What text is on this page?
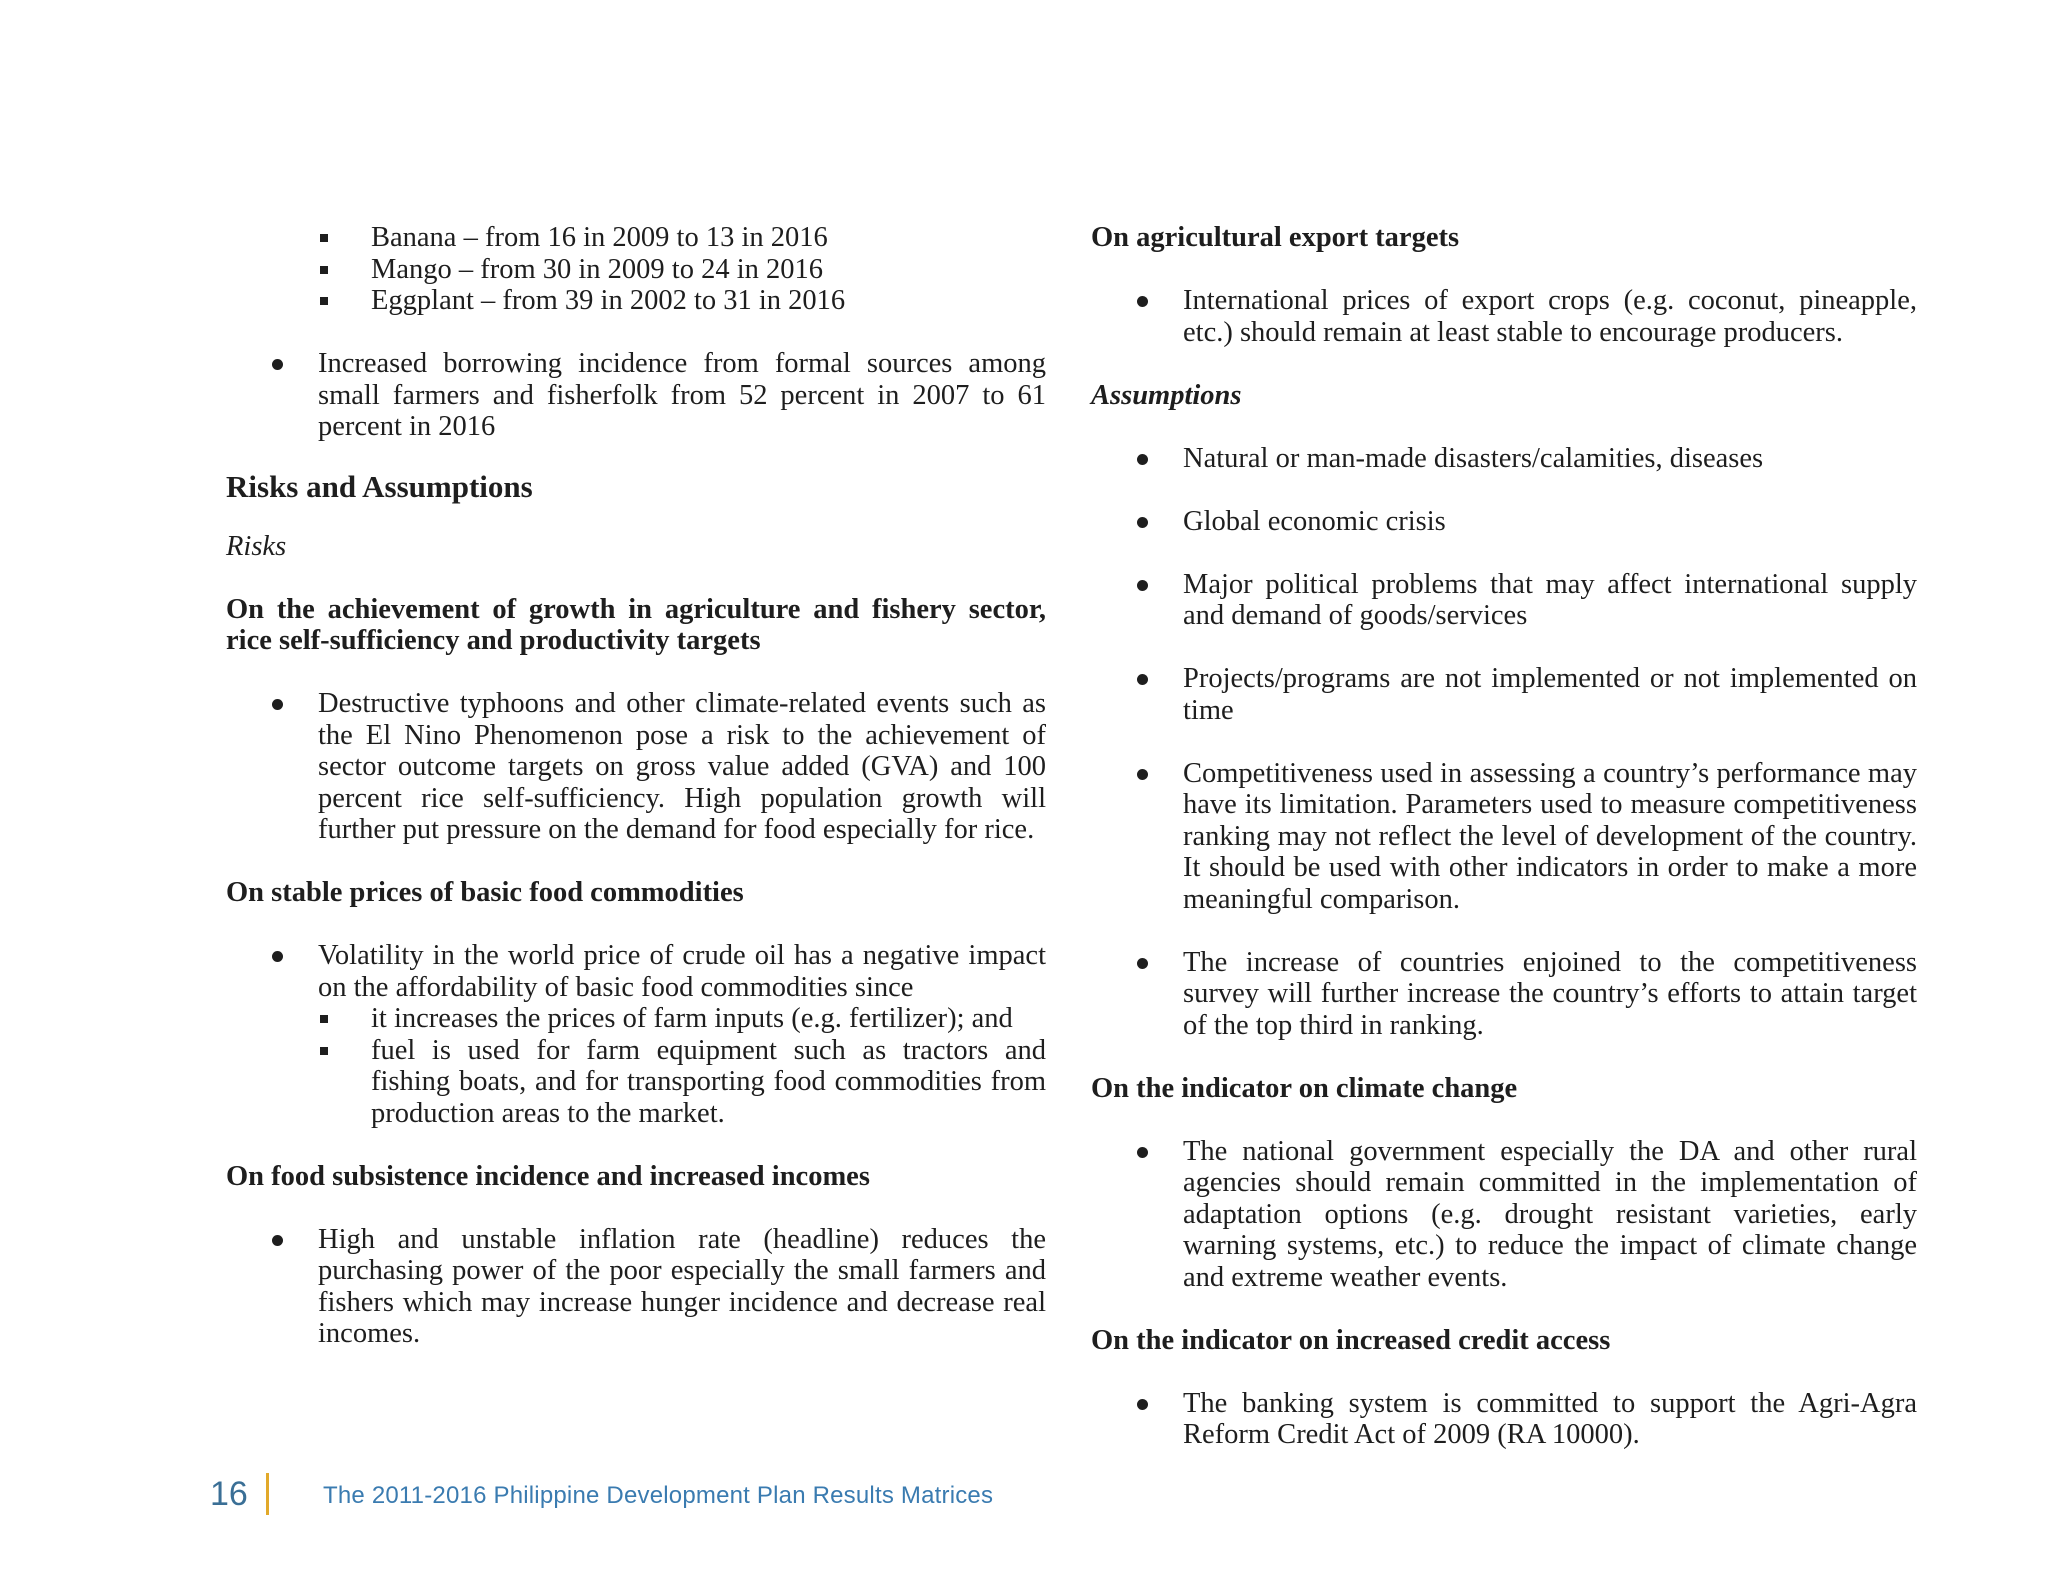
Banana – from 16 in 2009 to 13 in 2016
Mango – from 30 in 2009 to 24 in 2016
Eggplant – from 39 in 2002 to 31 in 2016
Increased borrowing incidence from formal sources among small farmers and fisherfolk from 52 percent in 2007 to 61 percent in 2016

Risks and Assumptions

Risks

On the achievement of growth in agriculture and fishery sector, rice self-sufficiency and productivity targets

Destructive typhoons and other climate-related events such as the El Nino Phenomenon pose a risk to the achievement of sector outcome targets on gross value added (GVA) and 100 percent rice self-sufficiency. High population growth will further put pressure on the demand for food especially for rice.

On stable prices of basic food commodities

Volatility in the world price of crude oil has a negative impact on the affordability of basic food commodities since
it increases the prices of farm inputs (e.g. fertilizer); and
fuel is used for farm equipment such as tractors and fishing boats, and for transporting food commodities from production areas to the market.

On food subsistence incidence and increased incomes

High and unstable inflation rate (headline) reduces the purchasing power of the poor especially the small farmers and fishers which may increase hunger incidence and decrease real incomes.

On agricultural export targets

International prices of export crops (e.g. coconut, pineapple, etc.) should remain at least stable to encourage producers.

Assumptions

Natural or man-made disasters/calamities, diseases
Global economic crisis
Major political problems that may affect international supply and demand of goods/services
Projects/programs are not implemented or not implemented on time
Competitiveness used in assessing a country’s performance may have its limitation. Parameters used to measure competitiveness ranking may not reflect the level of development of the country. It should be used with other indicators in order to make a more meaningful comparison.
The increase of countries enjoined to the competitiveness survey will further increase the country’s efforts to attain target of the top third in ranking.

On the indicator on climate change

The national government especially the DA and other rural agencies should remain committed in the implementation of adaptation options (e.g. drought resistant varieties, early warning systems, etc.) to reduce the impact of climate change and extreme weather events.

On the indicator on increased credit access

The banking system is committed to support the Agri-Agra Reform Credit Act of 2009 (RA 10000).
16	The 2011-2016 Philippine Development Plan Results Matrices
